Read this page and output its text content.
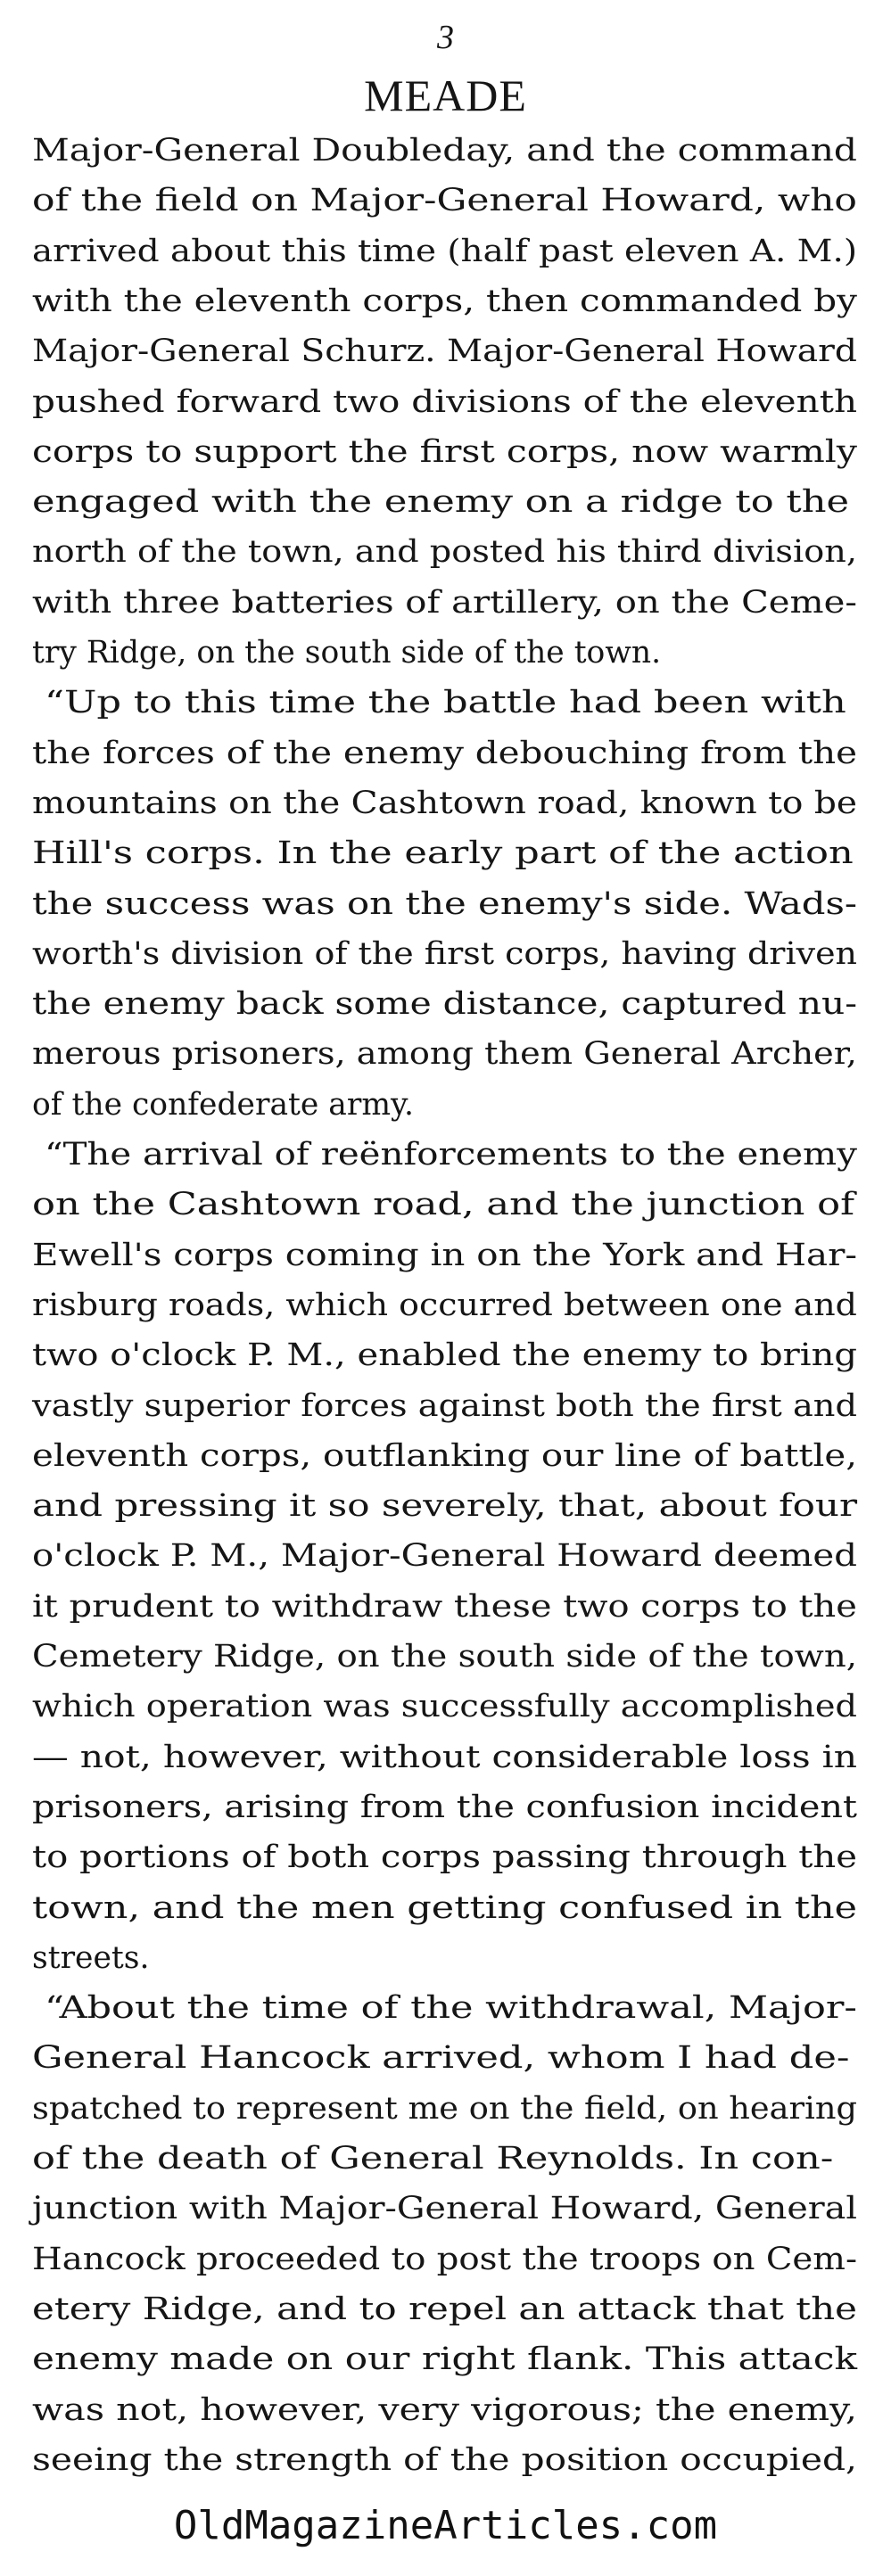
3
MEADE
Major-General Doubleday, and the command
of the field on Major-General Howard, who
arrived about this time (half past eleven A. M.)
with the eleventh corps, then commanded by
Major-General Schurz. Major-General Howard
pushed forward two divisions of the eleventh
corps to support the first corps, now warmly
engaged with the enemy on a ridge to the
north of the town, and posted his third division,
with three batteries of artillery, on the Ceme-
try Ridge, on the south side of the town.
“Up to this time the battle had been with
the forces of the enemy debouching from the
mountains on the Cashtown road, known to be
Hill's corps. In the early part of the action
the success was on the enemy's side. Wads-
worth's division of the first corps, having driven
the enemy back some distance, captured nu-
merous prisoners, among them General Archer,
of the confederate army.
“The arrival of reënforcements to the enemy
on the Cashtown road, and the junction of
Ewell's corps coming in on the York and Har-
risburg roads, which occurred between one and
two o'clock P. M., enabled the enemy to bring
vastly superior forces against both the first and
eleventh corps, outflanking our line of battle,
and pressing it so severely, that, about four
o'clock P. M., Major-General Howard deemed
it prudent to withdraw these two corps to the
Cemetery Ridge, on the south side of the town,
which operation was successfully accomplished
— not, however, without considerable loss in
prisoners, arising from the confusion incident
to portions of both corps passing through the
town, and the men getting confused in the
streets.
“About the time of the withdrawal, Major-
General Hancock arrived, whom I had de-
spatched to represent me on the field, on hearing
of the death of General Reynolds. In con-
junction with Major-General Howard, General
Hancock proceeded to post the troops on Cem-
etery Ridge, and to repel an attack that the
enemy made on our right flank. This attack
was not, however, very vigorous; the enemy,
seeing the strength of the position occupied,
OldMagazineArticles.com
